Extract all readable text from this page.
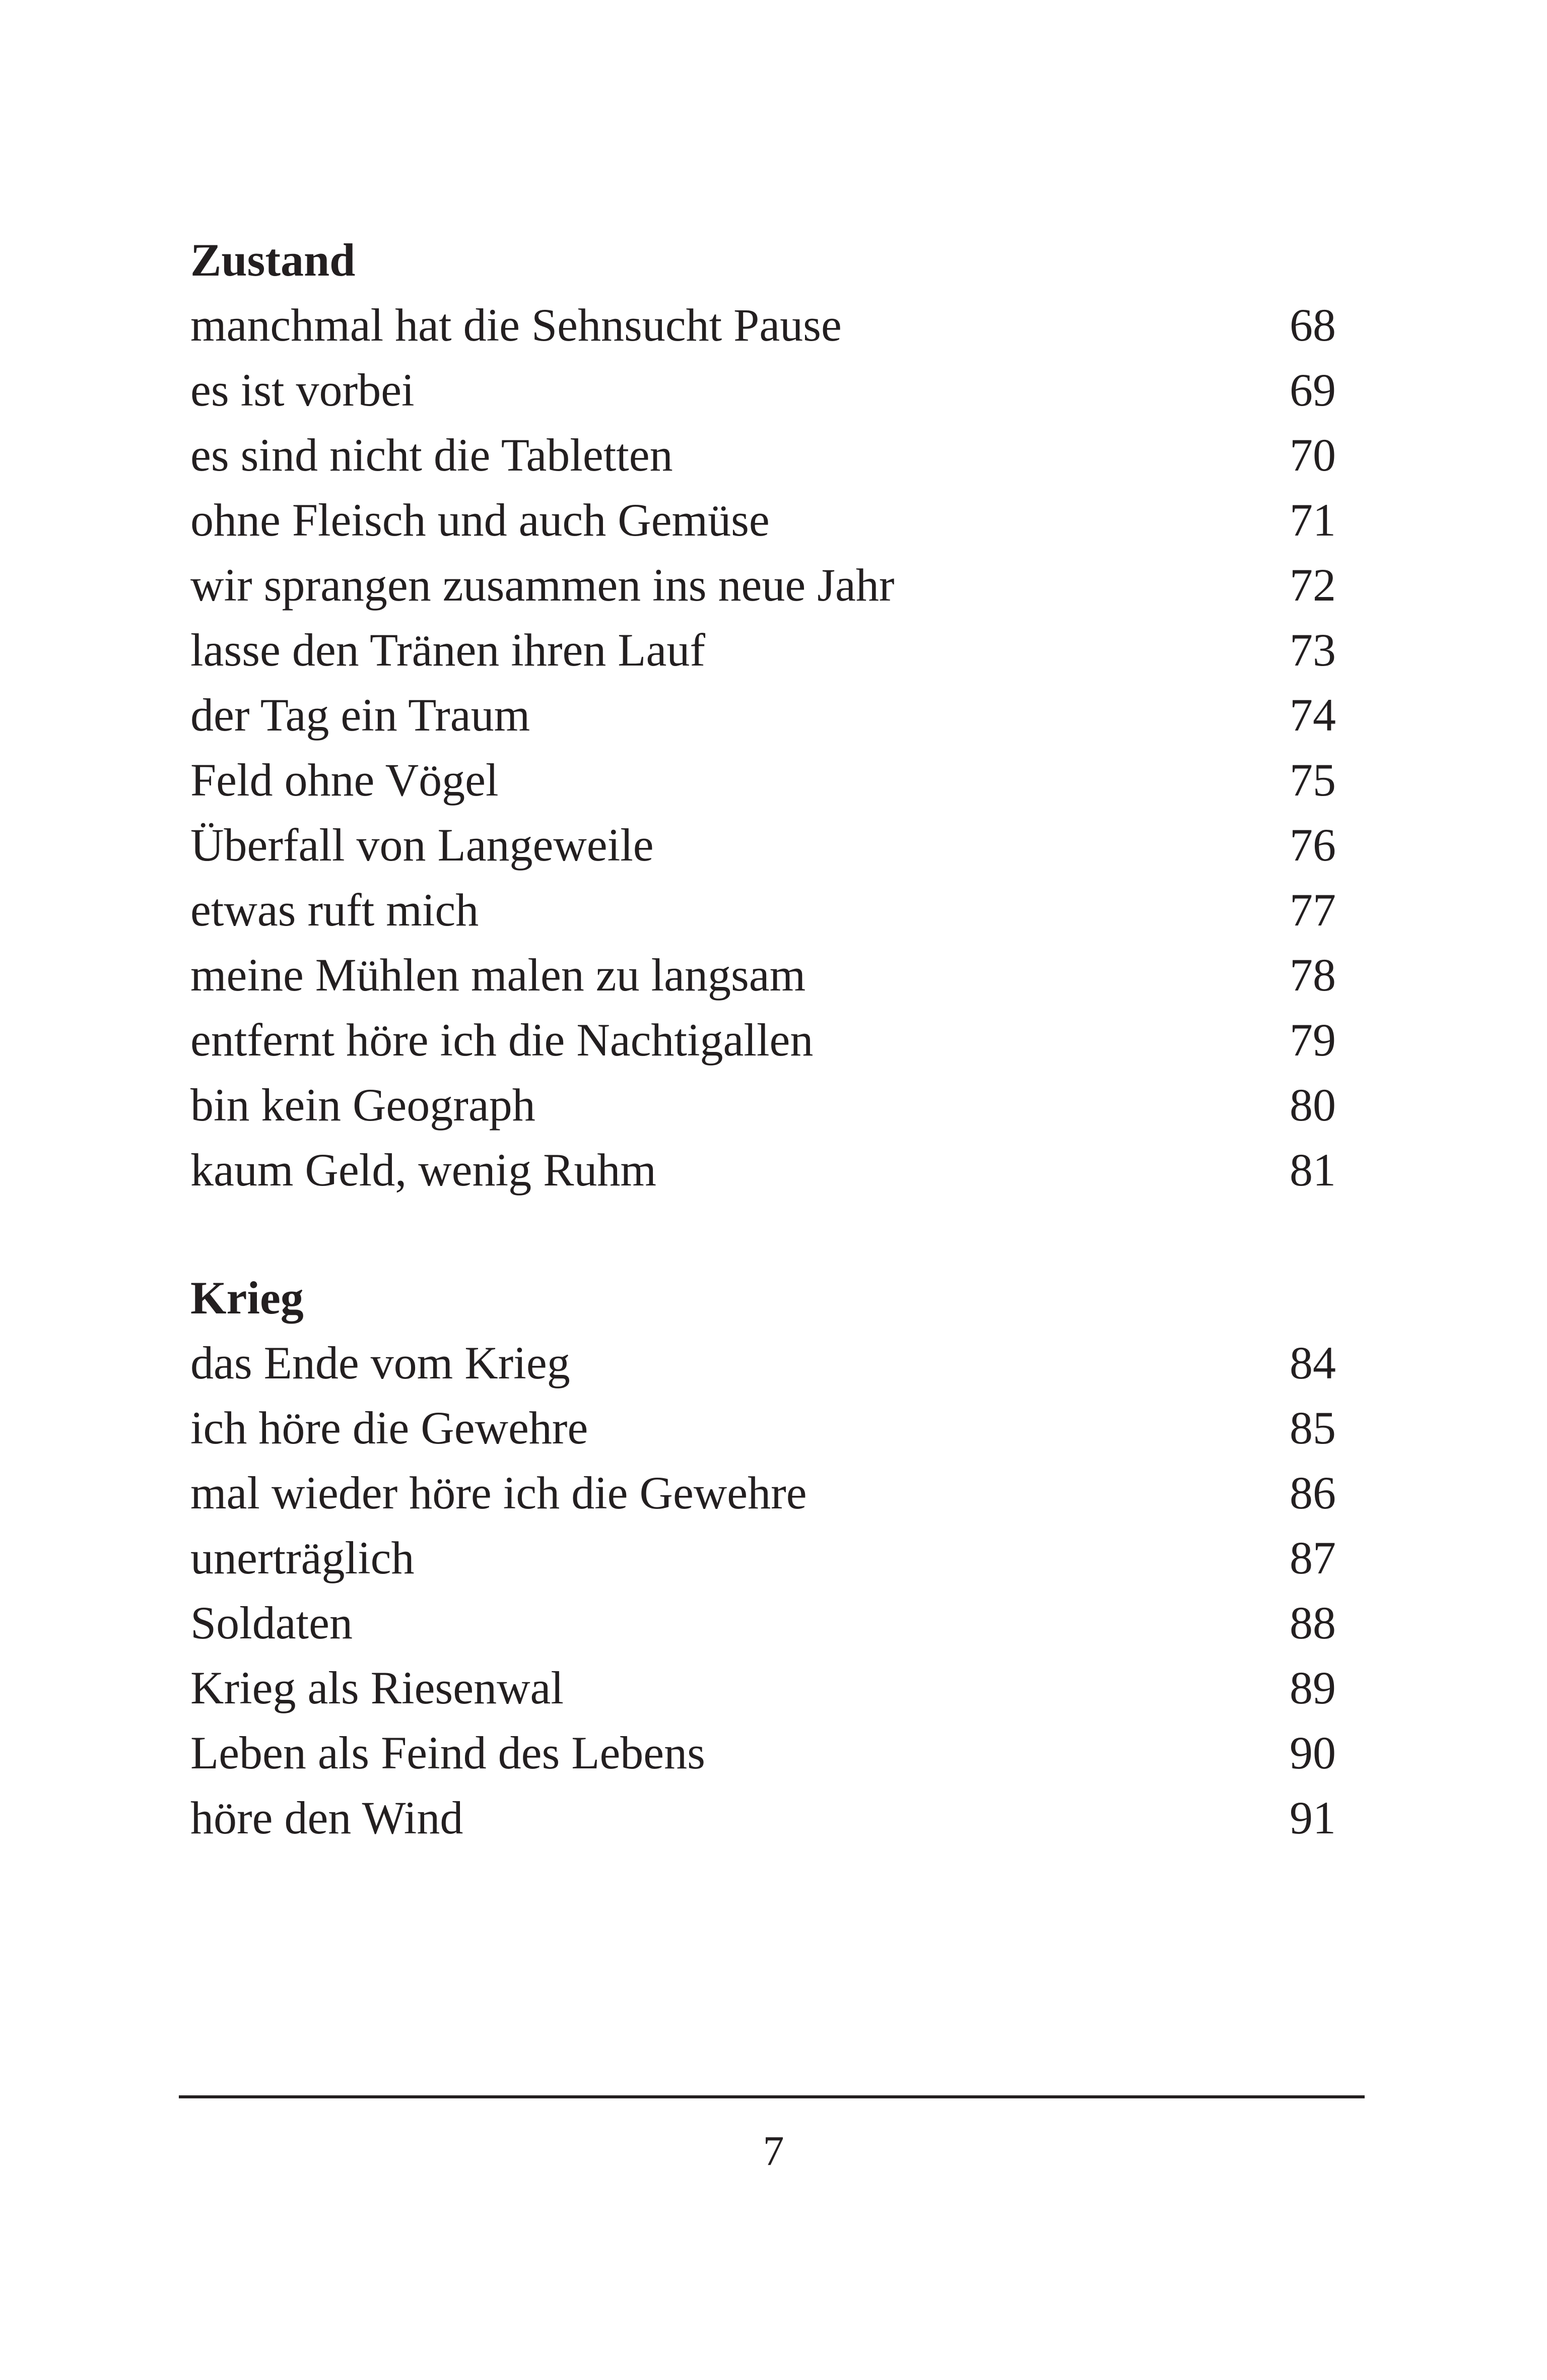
Zustand
manchmal hat die Sehnsucht Pause	68
es ist vorbei	69
es sind nicht die Tabletten	70
ohne Fleisch und auch Gemüse	71
wir sprangen zusammen ins neue Jahr	72
lasse den Tränen ihren Lauf	73
der Tag ein Traum	74
Feld ohne Vögel	75
Überfall von Langeweile	76
etwas ruft mich	77
meine Mühlen malen zu langsam	78
entfernt höre ich die Nachtigallen	79
bin kein Geograph	80
kaum Geld, wenig Ruhm	81
Krieg
das Ende vom Krieg	84
ich höre die Gewehre	85
mal wieder höre ich die Gewehre	86
unerträglich	87
Soldaten	88
Krieg als Riesenwal	89
Leben als Feind des Lebens	90
höre den Wind	91
7
